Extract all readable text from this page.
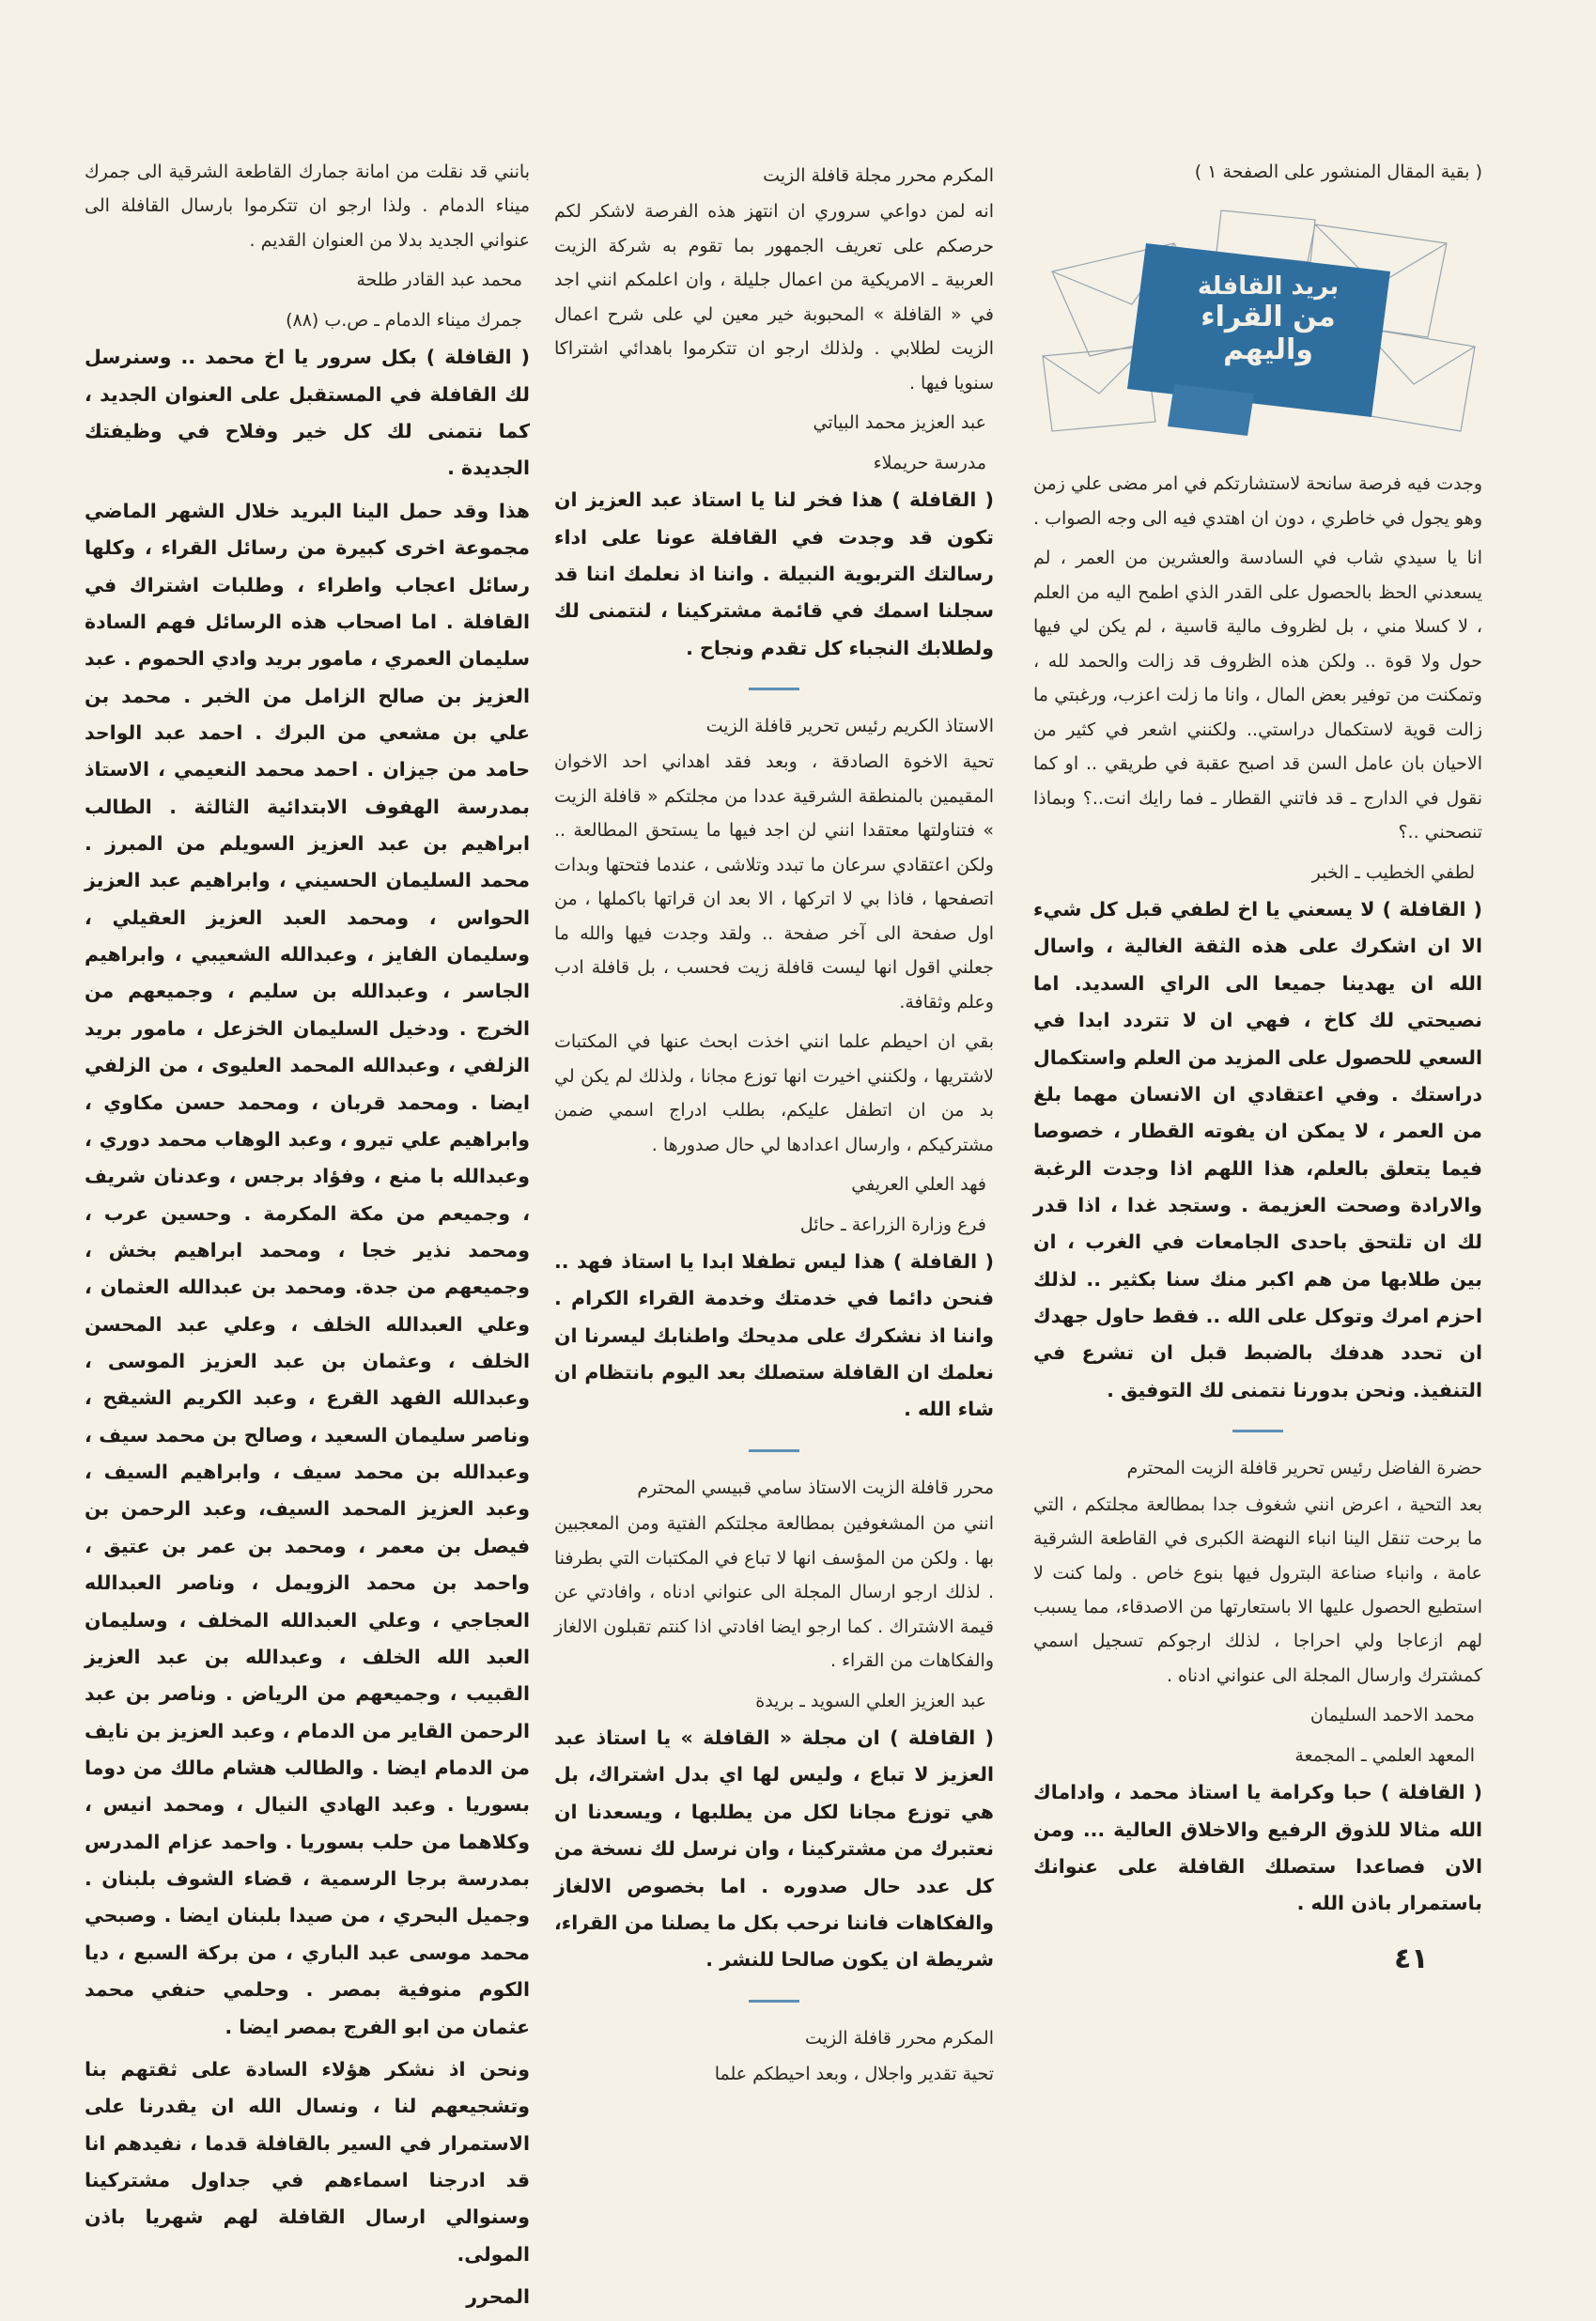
( بقية المقال المنشور على الصفحة ١ )

بريد القافلة
من القراء واليهم

وجدت فيه فرصة سانحة لاستشارتكم في امر مضى علي زمن وهو يجول في خاطري ، دون ان اهتدي فيه الى وجه الصواب .

انا يا سيدي شاب في السادسة والعشرين من العمر ، لم يسعدني الحظ بالحصول على القدر الذي اطمح اليه من العلم ، لا كسلا مني ، بل لظروف مالية قاسية ، لم يكن لي فيها حول ولا قوة .. ولكن هذه الظروف قد زالت والحمد لله ، وتمكنت من توفير بعض المال ، وانا ما زلت اعزب، ورغبتي ما زالت قوية لاستكمال دراستي.. ولكنني اشعر في كثير من الاحيان بان عامل السن قد اصبح عقبة في طريقي .. او كما نقول في الدارج ـ قد فاتني القطار ـ فما رايك انت..؟ وبماذا تنصحني ..؟

لطفي الخطيب ـ الخبر

( القافلة ) لا يسعني يا اخ لطفي قبل كل شيء الا ان اشكرك على هذه الثقة الغالية ، واسال الله ان يهدينا جميعا الى الراي السديد. اما نصيحتي لك كاخ ، فهي ان لا تتردد ابدا في السعي للحصول على المزيد من العلم واستكمال دراستك . وفي اعتقادي ان الانسان مهما بلغ من العمر ، لا يمكن ان يفوته القطار ، خصوصا فيما يتعلق بالعلم، هذا اللهم اذا وجدت الرغبة والارادة وصحت العزيمة . وستجد غدا ، اذا قدر لك ان تلتحق باحدى الجامعات في الغرب ، ان بين طلابها من هم اكبر منك سنا بكثير .. لذلك احزم امرك وتوكل على الله .. فقط حاول جهدك ان تحدد هدفك بالضبط قبل ان تشرع في التنفيذ. ونحن بدورنا نتمنى لك التوفيق .

حضرة الفاضل رئيس تحرير قافلة الزيت المحترم

بعد التحية ، اعرض انني شغوف جدا بمطالعة مجلتكم ، التي ما برحت تنقل الينا انباء النهضة الكبرى في القاطعة الشرقية عامة ، وانباء صناعة البترول فيها بنوع خاص . ولما كنت لا استطيع الحصول عليها الا باستعارتها من الاصدقاء، مما يسبب لهم ازعاجا ولي احراجا ، لذلك ارجوكم تسجيل اسمي كمشترك وارسال المجلة الى عنواني ادناه .

محمد الاحمد السليمان

المعهد العلمي ـ المجمعة

( القافلة ) حبا وكرامة يا استاذ محمد ، واداماك الله مثالا للذوق الرفيع والاخلاق العالية ... ومن الان فصاعدا ستصلك القافلة على عنوانك باستمرار باذن الله .

المكرم محرر مجلة قافلة الزيت

انه لمن دواعي سروري ان انتهز هذه الفرصة لاشكر لكم حرصكم على تعريف الجمهور بما تقوم به شركة الزيت العربية ـ الامريكية من اعمال جليلة ، وان اعلمكم انني اجد في « القافلة » المحبوبة خير معين لي على شرح اعمال الزيت لطلابي . ولذلك ارجو ان تتكرموا باهدائي اشتراكا سنويا فيها .

عبد العزيز محمد البياتي

مدرسة حريملاء

( القافلة ) هذا فخر لنا يا استاذ عبد العزيز ان تكون قد وجدت في القافلة عونا على اداء رسالتك التربوية النبيلة . واننا اذ نعلمك اننا قد سجلنا اسمك في قائمة مشتركينا ، لنتمنى لك ولطلابك النجباء كل تقدم ونجاح .

الاستاذ الكريم رئيس تحرير قافلة الزيت

تحية الاخوة الصادقة ، وبعد فقد اهداني احد الاخوان المقيمين بالمنطقة الشرقية عددا من مجلتكم « قافلة الزيت » فتناولتها معتقدا انني لن اجد فيها ما يستحق المطالعة .. ولكن اعتقادي سرعان ما تبدد وتلاشى ، عندما فتحتها وبدات اتصفحها ، فاذا بي لا اتركها ، الا بعد ان قراتها باكملها ، من اول صفحة الى آخر صفحة .. ولقد وجدت فيها والله ما جعلني اقول انها ليست قافلة زيت فحسب ، بل قافلة ادب وعلم وثقافة.

بقي ان احيطم علما انني اخذت ابحث عنها في المكتبات لاشتريها ، ولكنني اخيرت انها توزع مجانا ، ولذلك لم يكن لي بد من ان اتطفل عليكم، بطلب ادراج اسمي ضمن مشتركيكم ، وارسال اعدادها لي حال صدورها .

فهد العلي العريفي

فرع وزارة الزراعة ـ حائل

( القافلة ) هذا ليس تطفلا ابدا يا استاذ فهد .. فنحن دائما في خدمتك وخدمة القراء الكرام . واننا اذ نشكرك على مديحك واطنابك ليسرنا ان نعلمك ان القافلة ستصلك بعد اليوم بانتظام ان شاء الله .

محرر قافلة الزيت الاستاذ سامي قبيسي المحترم

انني من المشغوفين بمطالعة مجلتكم الفتية ومن المعجبين بها . ولكن من المؤسف انها لا تباع في المكتبات التي بطرفنا . لذلك ارجو ارسال المجلة الى عنواني ادناه ، وافادتي عن قيمة الاشتراك . كما ارجو ايضا افادتي اذا كنتم تقبلون الالغاز والفكاهات من القراء .

عبد العزيز العلي السويد ـ بريدة

( القافلة ) ان مجلة « القافلة » يا استاذ عبد العزيز لا تباع ، وليس لها اي بدل اشتراك، بل هي توزع مجانا لكل من يطلبها ، ويسعدنا ان نعتبرك من مشتركينا ، وان نرسل لك نسخة من كل عدد حال صدوره . اما بخصوص الالغاز والفكاهات فاننا نرحب بكل ما يصلنا من القراء، شريطة ان يكون صالحا للنشر .

المكرم محرر قافلة الزيت

تحية تقدير واجلال ، وبعد احيطكم علما

بانني قد نقلت من امانة جمارك القاطعة الشرقية الى جمرك ميناء الدمام . ولذا ارجو ان تتكرموا بارسال القافلة الى عنواني الجديد بدلا من العنوان القديم .

محمد عبد القادر طلحة

جمرك ميناء الدمام ـ ص.ب (٨٨)

( القافلة ) بكل سرور يا اخ محمد .. وسنرسل لك القافلة في المستقبل على العنوان الجديد ، كما نتمنى لك كل خير وفلاح في وظيفتك الجديدة .

هذا وقد حمل الينا البريد خلال الشهر الماضي مجموعة اخرى كبيرة من رسائل القراء ، وكلها رسائل اعجاب واطراء ، وطلبات اشتراك في القافلة . اما اصحاب هذه الرسائل فهم السادة سليمان العمري ، مامور بريد وادي الحموم . عبد العزيز بن صالح الزامل من الخبر . محمد بن علي بن مشعي من البرك . احمد عبد الواحد حامد من جيزان . احمد محمد النعيمي ، الاستاذ بمدرسة الهفوف الابتدائية الثالثة . الطالب ابراهيم بن عبد العزيز السويلم من المبرز . محمد السليمان الحسيني ، وابراهيم عبد العزيز الحواس ، ومحمد العبد العزيز العقيلي ، وسليمان الفايز ، وعبدالله الشعيبي ، وابراهيم الجاسر ، وعبدالله بن سليم ، وجميعهم من الخرج . ودخيل السليمان الخزعل ، مامور بريد الزلفي ، وعبدالله المحمد العليوى ، من الزلفي ايضا . ومحمد قربان ، ومحمد حسن مكاوي ، وابراهيم علي تيرو ، وعبد الوهاب محمد دوري ، وعبدالله با منع ، وفؤاد برجس ، وعدنان شريف ، وجميعم من مكة المكرمة . وحسين عرب ، ومحمد نذير خجا ، ومحمد ابراهيم بخش ، وجميعهم من جدة. ومحمد بن عبدالله العثمان ، وعلي العبدالله الخلف ، وعلي عبد المحسن الخلف ، وعثمان بن عبد العزيز الموسى ، وعبدالله الفهد القرع ، وعبد الكريم الشيقح ، وناصر سليمان السعيد ، وصالح بن محمد سيف ، وعبدالله بن محمد سيف ، وابراهيم السيف ، وعبد العزيز المحمد السيف، وعبد الرحمن بن فيصل بن معمر ، ومحمد بن عمر بن عتيق ، واحمد بن محمد الزويمل ، وناصر العبدالله العجاجي ، وعلي العبدالله المخلف ، وسليمان العبد الله الخلف ، وعبدالله بن عبد العزيز القبيب ، وجميعهم من الرياض . وناصر بن عبد الرحمن القاير من الدمام ، وعبد العزيز بن نايف من الدمام ايضا . والطالب هشام مالك من دوما بسوريا . وعبد الهادي النيال ، ومحمد انيس ، وكلاهما من حلب بسوريا . واحمد عزام المدرس بمدرسة برجا الرسمية ، قضاء الشوف بلبنان . وجميل البحري ، من صيدا بلبنان ايضا . وصبحي محمد موسى عبد الباري ، من بركة السبع ، ديا الكوم منوفية بمصر . وحلمي حنفي محمد عثمان من ابو الفرج بمصر ايضا .

ونحن اذ نشكر هؤلاء السادة على ثقتهم بنا وتشجيعهم لنا ، ونسال الله ان يقدرنا على الاستمرار في السير بالقافلة قدما ، نفيدهم انا قد ادرجنا اسماءهم في جداول مشتركينا وسنوالي ارسال القافلة لهم شهريا باذن المولى.

المحرر

٤١
